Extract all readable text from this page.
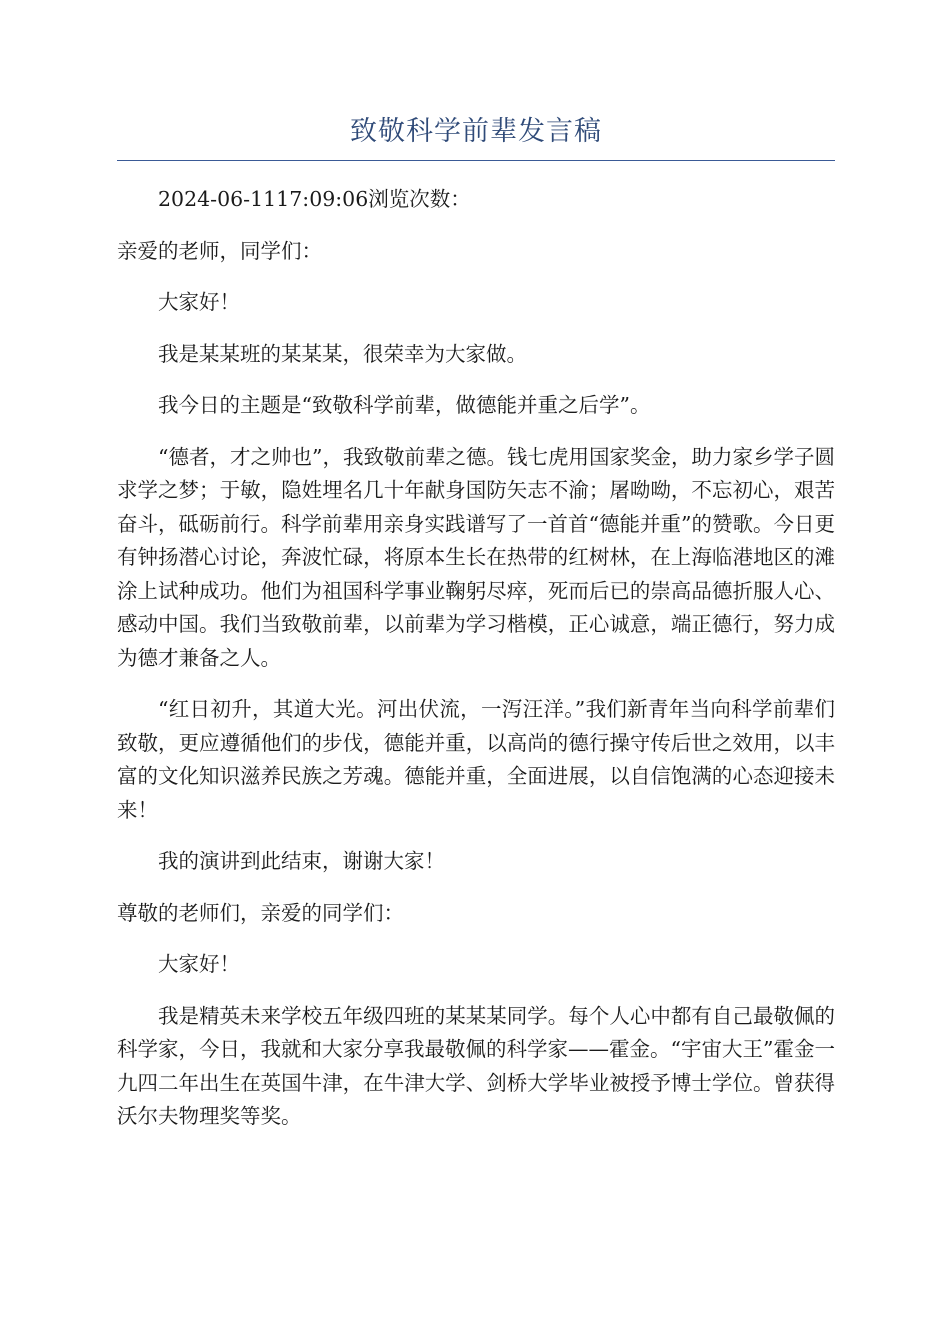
致敬科学前辈发言稿
2024-06-1117:09:06浏览次数：
亲爱的老师，同学们：
大家好！
我是某某班的某某某，很荣幸为大家做。
我今日的主题是“致敬科学前辈，做德能并重之后学”。
“德者，才之帅也”，我致敬前辈之德。钱七虎用国家奖金，助力家乡学子圆求学之梦；于敏，隐姓埋名几十年献身国防矢志不渝；屠呦呦，不忘初心，艰苦奋斗，砥砺前行。科学前辈用亲身实践谱写了一首首“德能并重”的赞歌。今日更有钟扬潜心讨论，奔波忙碌，将原本生长在热带的红树林，在上海临港地区的滩涂上试种成功。他们为祖国科学事业鞠躬尽瘁，死而后已的崇高品德折服人心、感动中国。我们当致敬前辈，以前辈为学习楷模，正心诚意，端正德行，努力成为德才兼备之人。
“红日初升，其道大光。河出伏流，一泻汪洋。”我们新青年当向科学前辈们致敬，更应遵循他们的步伐，德能并重，以高尚的德行操守传后世之效用，以丰富的文化知识滋养民族之芳魂。德能并重，全面进展，以自信饱满的心态迎接未来！
我的演讲到此结束，谢谢大家！
尊敬的老师们，亲爱的同学们：
大家好！
我是精英未来学校五年级四班的某某某同学。每个人心中都有自己最敬佩的科学家，今日，我就和大家分享我最敬佩的科学家——霍金。“宇宙大王”霍金一九四二年出生在英国牛津，在牛津大学、剑桥大学毕业被授予博士学位。曾获得沃尔夫物理奖等奖。
